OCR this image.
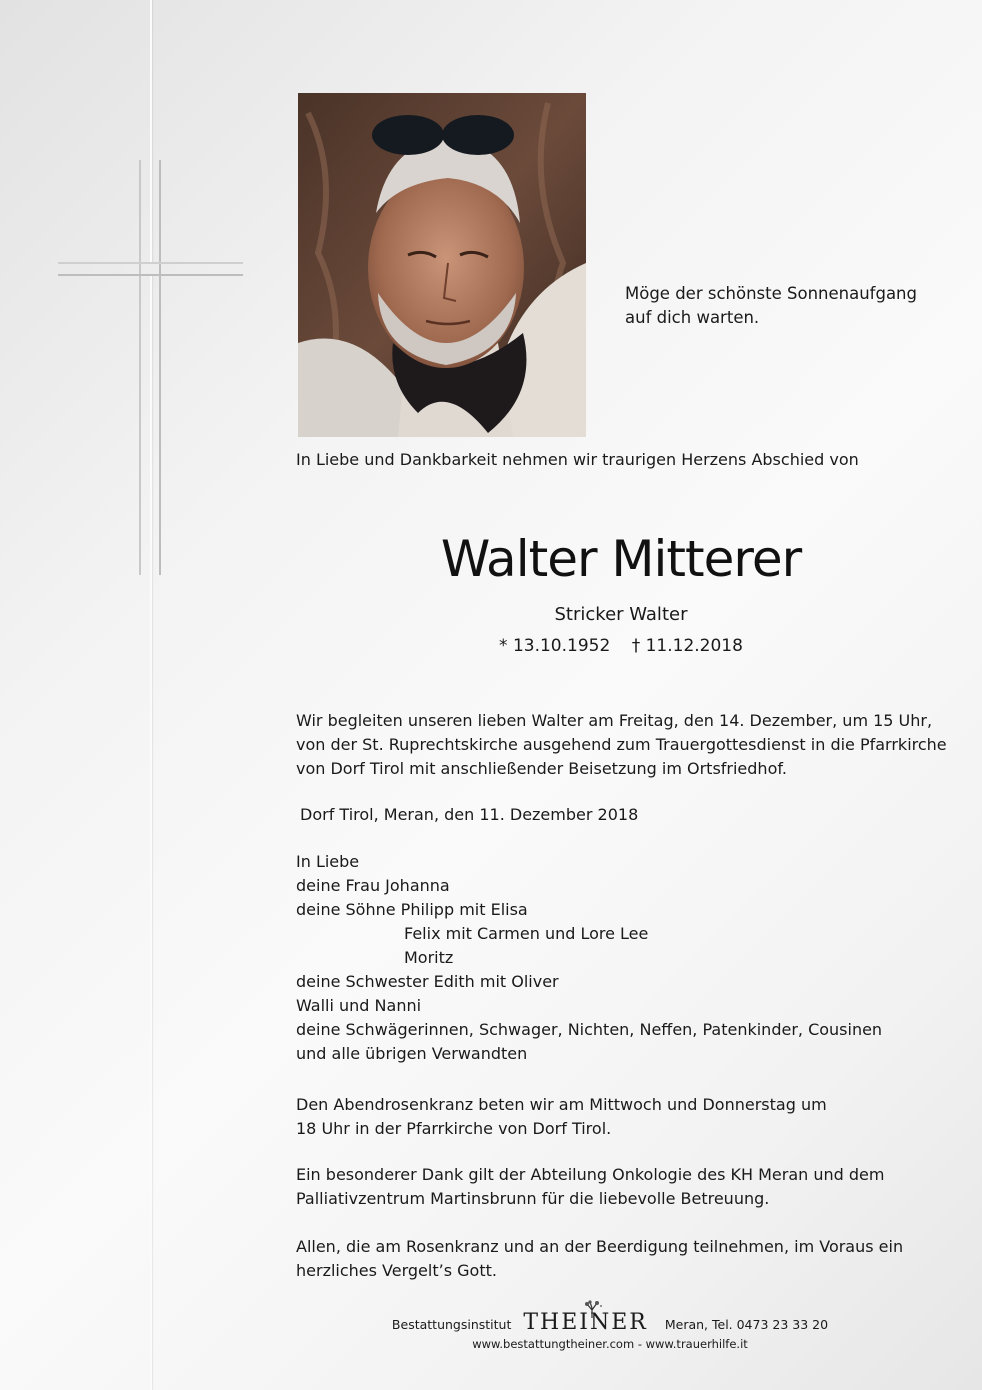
Möge der schönste Sonnenaufgang
auf dich warten.
In Liebe und Dankbarkeit nehmen wir traurigen Herzens Abschied von
Walter Mitterer
Stricker Walter
* 13.10.1952 † 11.12.2018
Wir begleiten unseren lieben Walter am Freitag, den 14. Dezember, um 15 Uhr,
von der St. Ruprechtskirche ausgehend zum Trauergottesdienst in die Pfarrkirche
von Dorf Tirol mit anschließender Beisetzung im Ortsfriedhof.
Dorf Tirol, Meran, den 11. Dezember 2018
In Liebe
deine Frau Johanna
deine Söhne Philipp mit Elisa
Felix mit Carmen und Lore Lee
Moritz
deine Schwester Edith mit Oliver
Walli und Nanni
deine Schwägerinnen, Schwager, Nichten, Neffen, Patenkinder, Cousinen
und alle übrigen Verwandten
Den Abendrosenkranz beten wir am Mittwoch und Donnerstag um
18 Uhr in der Pfarrkirche von Dorf Tirol.
Ein besonderer Dank gilt der Abteilung Onkologie des KH Meran und dem
Palliativzentrum Martinsbrunn für die liebevolle Betreuung.
Allen, die am Rosenkranz und an der Beerdigung teilnehmen, im Voraus ein
herzliches Vergelt’s Gott.
Bestattungsinstitut THEINER Meran, Tel. 0473 23 33 20
www.bestattungtheiner.com - www.trauerhilfe.it
